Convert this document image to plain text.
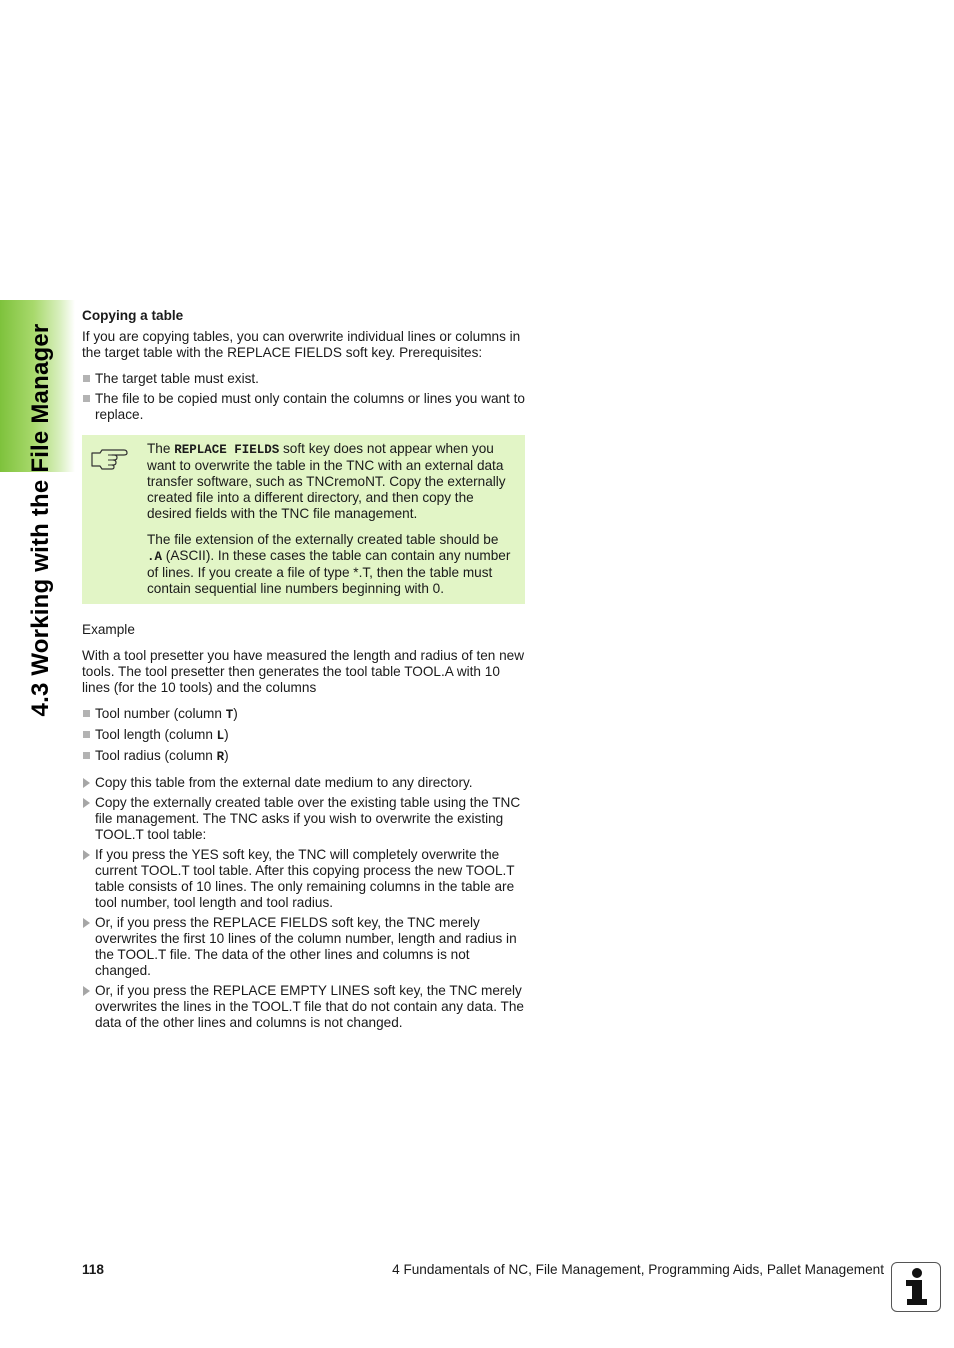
4.3 Working with the File Manager
Copying a table

If you are copying tables, you can overwrite individual lines or columns in the target table with the REPLACE FIELDS soft key. Prerequisites:

The target table must exist.
The file to be copied must only contain the columns or lines you want to replace.

The REPLACE FIELDS soft key does not appear when you want to overwrite the table in the TNC with an external data transfer software, such as TNCremoNT. Copy the externally created file into a different directory, and then copy the desired fields with the TNC file management.

The file extension of the externally created table should be .A (ASCII). In these cases the table can contain any number of lines. If you create a file of type *.T, then the table must contain sequential line numbers beginning with 0.

Example

With a tool presetter you have measured the length and radius of ten new tools. The tool presetter then generates the tool table TOOL.A with 10 lines (for the 10 tools) and the columns

Tool number (column T)
Tool length (column L)
Tool radius (column R)
Copy this table from the external date medium to any directory.
Copy the externally created table over the existing table using the TNC file management. The TNC asks if you wish to overwrite the existing TOOL.T tool table:
If you press the YES soft key, the TNC will completely overwrite the current TOOL.T tool table. After this copying process the new TOOL.T table consists of 10 lines. The only remaining columns in the table are tool number, tool length and tool radius.
Or, if you press the REPLACE FIELDS soft key, the TNC merely overwrites the first 10 lines of the column number, length and radius in the TOOL.T file. The data of the other lines and columns is not changed.
Or, if you press the REPLACE EMPTY LINES soft key, the TNC merely overwrites the lines in the TOOL.T file that do not contain any data. The data of the other lines and columns is not changed.
118	4 Fundamentals of NC, File Management, Programming Aids, Pallet Management
